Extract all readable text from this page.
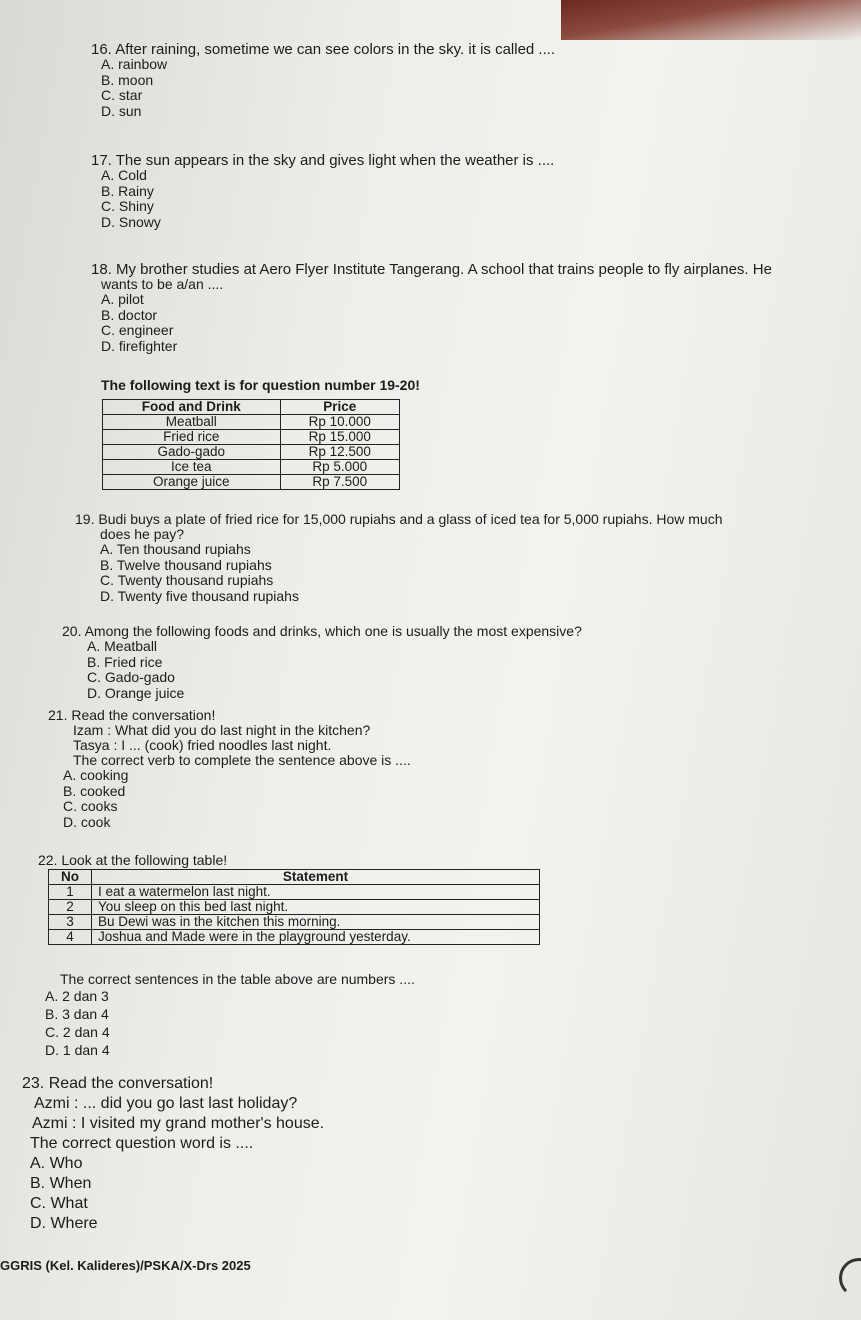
16. After raining, sometime we can see colors in the sky. it is called ....
A. rainbow
B. moon
C. star
D. sun
17. The sun appears in the sky and gives light when the weather is ....
A. Cold
B. Rainy
C. Shiny
D. Snowy
18. My brother studies at Aero Flyer Institute Tangerang. A school that trains people to fly airplanes. He
wants to be a/an ....
A. pilot
B. doctor
C. engineer
D. firefighter
The following text is for question number 19-20!
Food and Drink	Price
Meatball	Rp 10.000
Fried rice	Rp 15.000
Gado-gado	Rp 12.500
Ice tea	Rp 5.000
Orange juice	Rp 7.500
19. Budi buys a plate of fried rice for 15,000 rupiahs and a glass of iced tea for 5,000 rupiahs. How much
does he pay?
A. Ten thousand rupiahs
B. Twelve thousand rupiahs
C. Twenty thousand rupiahs
D. Twenty five thousand rupiahs
20. Among the following foods and drinks, which one is usually the most expensive?
A. Meatball
B. Fried rice
C. Gado-gado
D. Orange juice
21. Read the conversation!
Izam : What did you do last night in the kitchen?
Tasya : I ... (cook) fried noodles last night.
The correct verb to complete the sentence above is ....
A. cooking
B. cooked
C. cooks
D. cook
22. Look at the following table!
No	Statement
1	I eat a watermelon last night.
2	You sleep on this bed last night.
3	Bu Dewi was in the kitchen this morning.
4	Joshua and Made were in the playground yesterday.
The correct sentences in the table above are numbers ....
A. 2 dan 3
B. 3 dan 4
C. 2 dan 4
D. 1 dan 4
23. Read the conversation!
Azmi : ... did you go last last holiday?
Azmi : I visited my grand mother's house.
The correct question word is ....
A. Who
B. When
C. What
D. Where
GGRIS (Kel. Kalideres)/PSKA/X-Drs 2025
